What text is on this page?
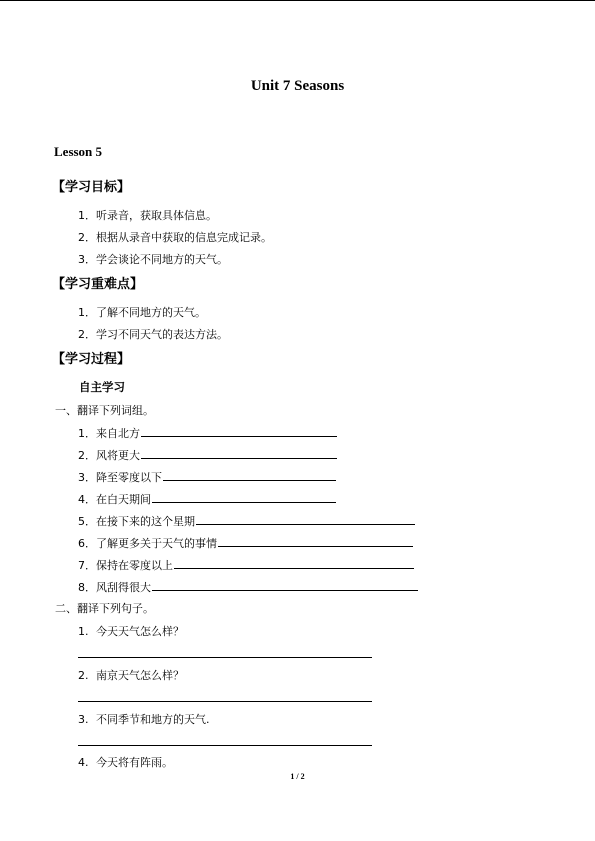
Unit 7 Seasons
Lesson 5
【学习目标】
1．听录音，获取具体信息。
2．根据从录音中获取的信息完成记录。
3．学会谈论不同地方的天气。
【学习重难点】
1．了解不同地方的天气。
2．学习不同天气的表达方法。
【学习过程】
自主学习
一、翻译下列词组。
1．来自北方
2．风将更大
3．降至零度以下
4．在白天期间
5．在接下来的这个星期
6．了解更多关于天气的事情
7．保持在零度以上
8．风刮得很大
二、翻译下列句子。
1. 今天天气怎么样？
2. 南京天气怎么样？
3. 不同季节和地方的天气.
4. 今天将有阵雨。
1 / 2
